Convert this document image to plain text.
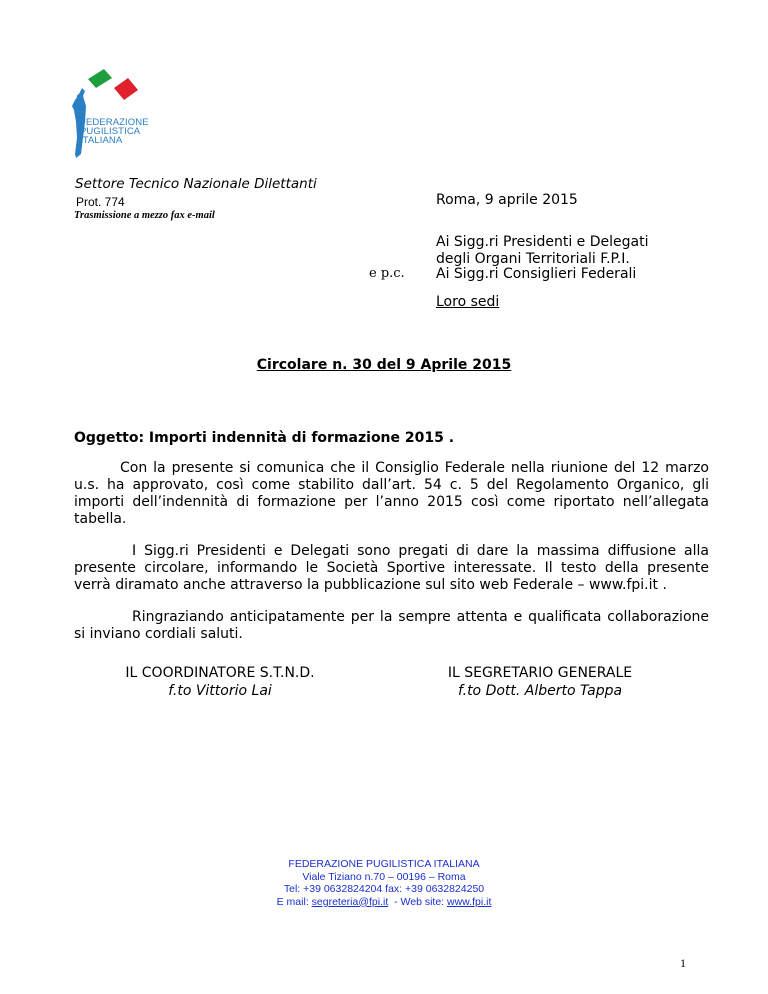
FEDERAZIONE
PUGILISTICA
ITALIANA
Settore Tecnico Nazionale Dilettanti
Prot. 774
Trasmissione a mezzo fax e-mail
Roma, 9 aprile 2015
Ai Sigg.ri Presidenti e Delegati
degli Organi Territoriali F.P.I.
e p.c. Ai Sigg.ri Consiglieri Federali
Loro sedi
Circolare n. 30 del 9 Aprile 2015
Oggetto: Importi indennità di formazione 2015 .
Con la presente si comunica che il Consiglio Federale nella riunione del 12 marzo u.s. ha approvato, così come stabilito dall’art. 54 c. 5 del Regolamento Organico, gli importi dell’indennità di formazione per l’anno 2015 così come riportato nell’allegata tabella.
I Sigg.ri Presidenti e Delegati sono pregati di dare la massima diffusione alla presente circolare, informando le Società Sportive interessate. Il testo della presente verrà diramato anche attraverso la pubblicazione sul sito web Federale – www.fpi.it .
Ringraziando anticipatamente per la sempre attenta e qualificata collaborazione si inviano cordiali saluti.
IL COORDINATORE S.T.N.D.
f.to Vittorio Lai
IL SEGRETARIO GENERALE
f.to Dott. Alberto Tappa
FEDERAZIONE PUGILISTICA ITALIANA
Viale Tiziano n.70 – 00196 – Roma
Tel: +39 0632824204 fax: +39 0632824250
E mail: segreteria@fpi.it  - Web site: www.fpi.it
1
